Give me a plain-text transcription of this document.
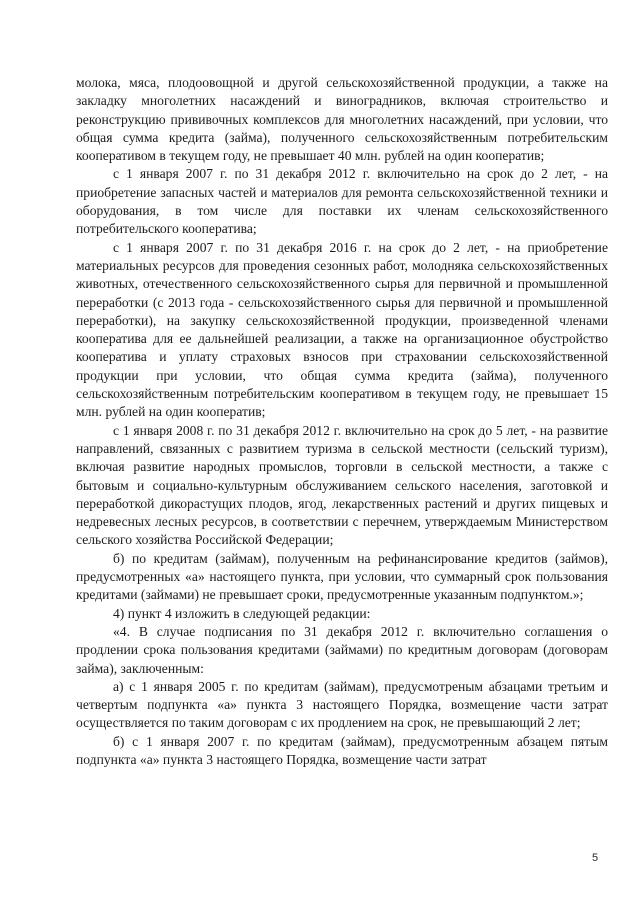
молока, мяса, плодоовощной и другой сельскохозяйственной продукции, а также на закладку многолетних насаждений и виноградников, включая строительство и реконструкцию прививочных комплексов для многолетних насаждений, при условии, что общая сумма кредита (займа), полученного сельскохозяйственным потребительским кооперативом в текущем году, не превышает 40 млн. рублей на один кооператив;

с 1 января 2007 г. по 31 декабря 2012 г. включительно на срок до 2 лет, - на приобретение запасных частей и материалов для ремонта сельскохозяйственной техники и оборудования, в том числе для поставки их членам сельскохозяйственного потребительского кооператива;

с 1 января 2007 г. по 31 декабря 2016 г. на срок до 2 лет, - на приобретение материальных ресурсов для проведения сезонных работ, молодняка сельскохозяйственных животных, отечественного сельскохозяйственного сырья для первичной и промышленной переработки (с 2013 года - сельскохозяйственного сырья для первичной и промышленной переработки), на закупку сельскохозяйственной продукции, произведенной членами кооператива для ее дальнейшей реализации, а также на организационное обустройство кооператива и уплату страховых взносов при страховании сельскохозяйственной продукции при условии, что общая сумма кредита (займа), полученного сельскохозяйственным потребительским кооперативом в текущем году, не превышает 15 млн. рублей на один кооператив;

с 1 января 2008 г. по 31 декабря 2012 г. включительно на срок до 5 лет, - на развитие направлений, связанных с развитием туризма в сельской местности (сельский туризм), включая развитие народных промыслов, торговли в сельской местности, а также с бытовым и социально-культурным обслуживанием сельского населения, заготовкой и переработкой дикорастущих плодов, ягод, лекарственных растений и других пищевых и недревесных лесных ресурсов, в соответствии с перечнем, утверждаемым Министерством сельского хозяйства Российской Федерации;

б) по кредитам (займам), полученным на рефинансирование кредитов (займов), предусмотренных «а» настоящего пункта, при условии, что суммарный срок пользования кредитами (займами) не превышает сроки, предусмотренные указанным подпунктом.»;

4) пункт 4 изложить в следующей редакции:

«4. В случае подписания по 31 декабря 2012 г. включительно соглашения о продлении срока пользования кредитами (займами) по кредитным договорам (договорам займа), заключенным:

а) с 1 января 2005 г. по кредитам (займам), предусмотреным абзацами третьим и четвертым подпункта «а» пункта 3 настоящего Порядка, возмещение части затрат осуществляется по таким договорам с их продлением на срок, не превышающий 2 лет;

б) с 1 января 2007 г. по кредитам (займам), предусмотренным абзацем пятым подпункта «а» пункта 3 настоящего Порядка, возмещение части затрат

5
